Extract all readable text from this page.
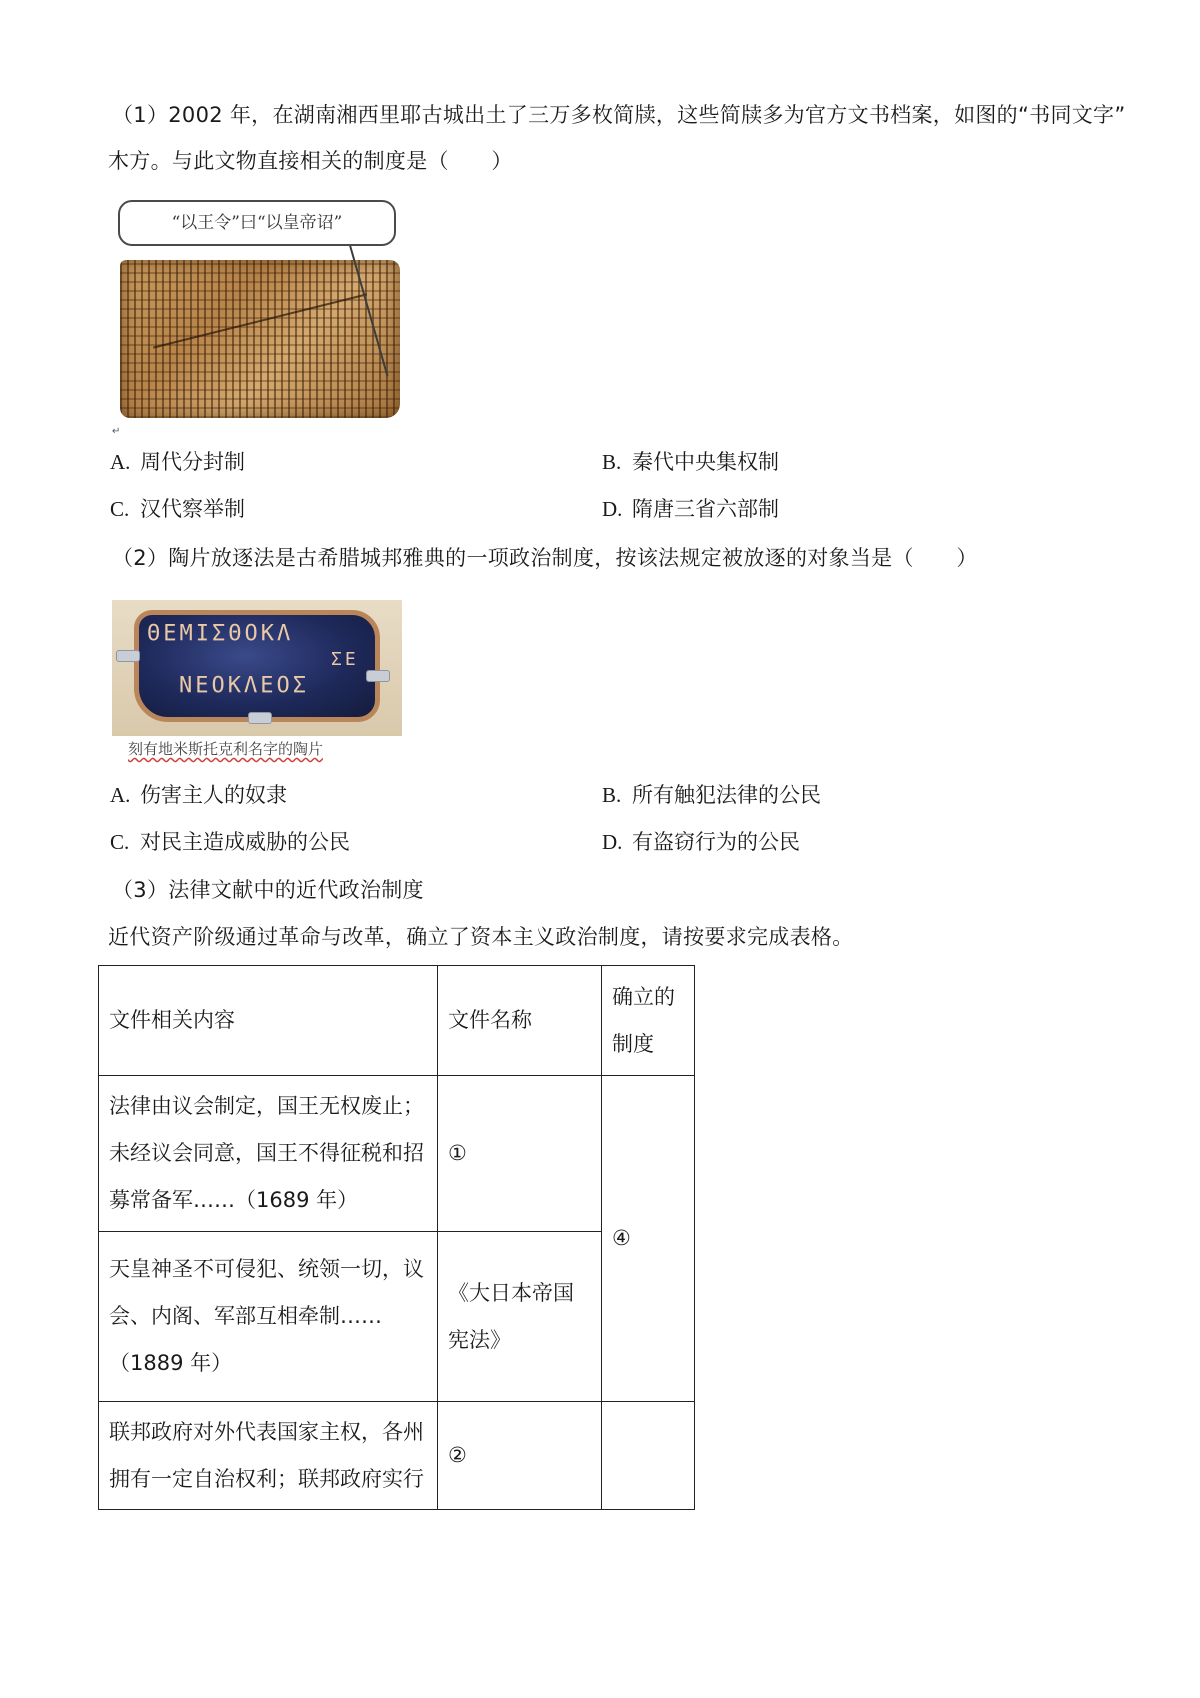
（1）2002 年，在湖南湘西里耶古城出土了三万多枚简牍，这些简牍多为官方文书档案，如图的“书同文字”
木方。与此文物直接相关的制度是（　　）
“以王令”曰“以皇帝诏”
↵
A. 周代分封制	B. 秦代中央集权制
C. 汉代察举制	D. 隋唐三省六部制
（2）陶片放逐法是古希腊城邦雅典的一项政治制度，按该法规定被放逐的对象当是（　　）
ΘΕΜΙΣΘΟΚΛ
ΣΕ
ΝΕΟΚΛΕΟΣ
刻有地米斯托克利名字的陶片
A. 伤害主人的奴隶	B. 所有触犯法律的公民
C. 对民主造成威胁的公民	D. 有盗窃行为的公民
（3）法律文献中的近代政治制度
近代资产阶级通过革命与改革，确立了资本主义政治制度，请按要求完成表格。
文件相关内容	文件名称	确立的制度
法律由议会制定，国王无权废止；未经议会同意，国王不得征税和招募常备军……（1689 年）	①	④
天皇神圣不可侵犯、统领一切，议会、内阁、军部互相牵制……（1889 年）	《大日本帝国宪法》	
联邦政府对外代表国家主权，各州拥有一定自治权利；联邦政府实行	②	
